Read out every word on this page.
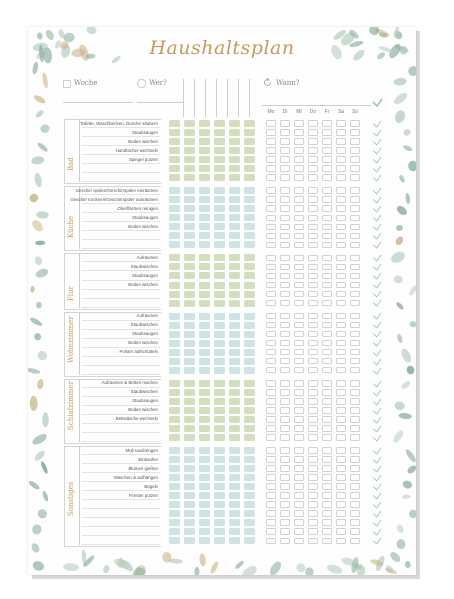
Haushaltsplan
Woche	Wer?	Wann?
Mo	Di	Mi	Do	Fr	Sa	So
Bad
Toilette, Waschbecken, Dusche säubern
Staubsaugen
Boden wischen
Handtücher wechseln
Spiegel putzen
Küche
Geschirr spülen/Geschirrspüler einräumen
Geschirr trocknen/Geschirrspüler ausräumen
Oberflächen reinigen
Staubsaugen
Boden wischen
Flur
Aufräumen
Staubwischen
Staubsaugen
Boden wischen
Wohnzimmer
Aufräumen
Staubwischen
Staubsaugen
Boden wischen
Polster aufschütteln
Schlafzimmer	Aufräumen & Betten machen
Staubwischen
Staubsaugen
Boden wischen
Bettwäsche wechseln
Sonstiges
Müll rausbringen
Einkaufen
Blumen gießen
Waschen & aufhängen
Bügeln
Fenster putzen
